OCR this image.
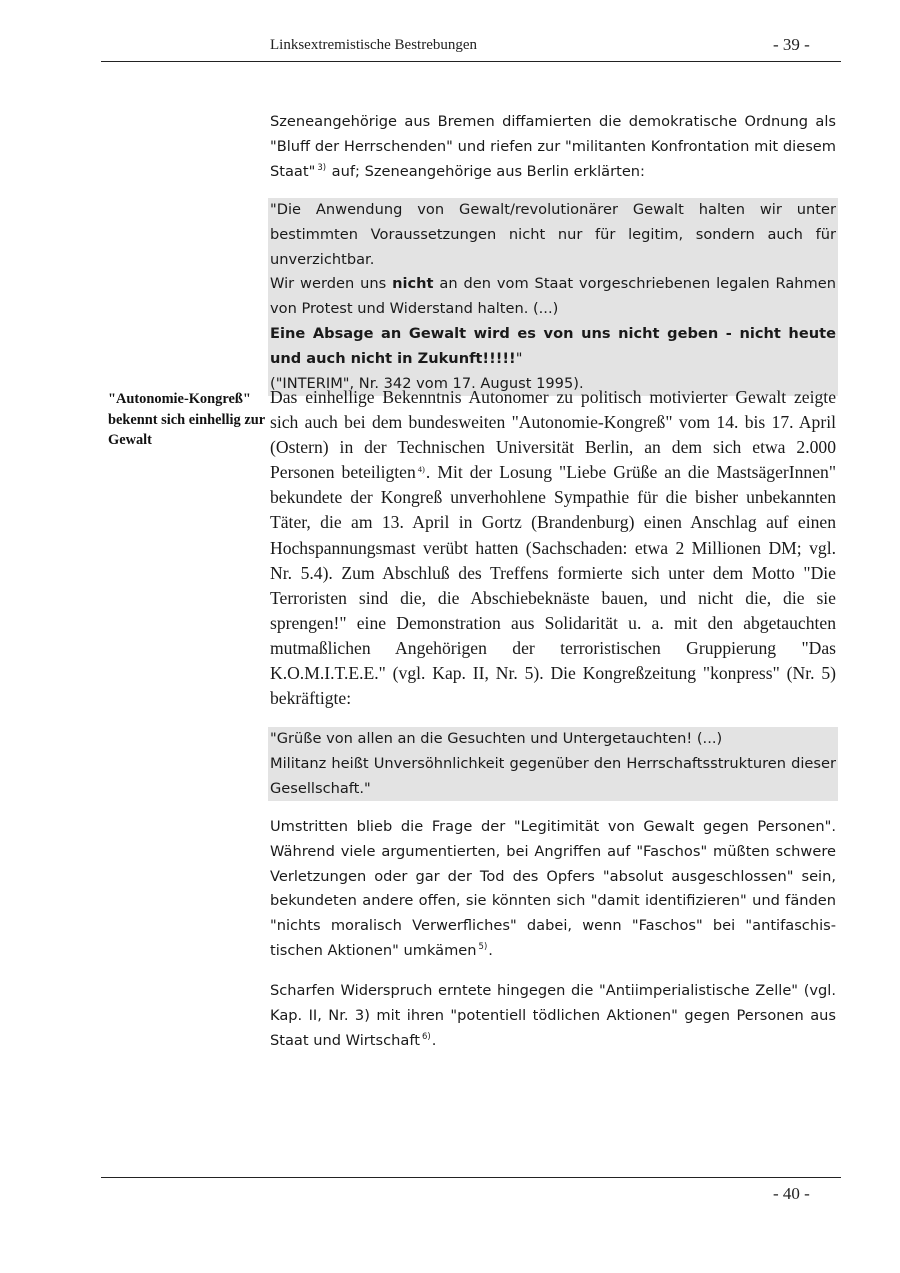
Linksextremistische Bestrebungen	- 39 -
Szeneangehörige aus Bremen diffamierten die demokratische Ordnung als "Bluff der Herrschenden" und riefen zur "militanten Konfrontation mit diesem Staat" $^{3)}$ auf; Szeneangehörige aus Berlin erklärten:
"Die Anwendung von Gewalt/revolutionärer Gewalt halten wir unter bestimmten Voraussetzungen nicht nur für legitim, sondern auch für unverzichtbar.
Wir werden uns nicht an den vom Staat vorgeschriebenen legalen Rahmen von Protest und Widerstand halten. (...)
Eine Absage an Gewalt wird es von uns nicht geben - nicht heute und auch nicht in Zukunft!!!!!"
("INTERIM", Nr. 342 vom 17. August 1995).
"Autonomie-Kongreß" bekennt sich einhellig zur Gewalt
Das einhellige Bekenntnis Autonomer zu politisch motivierter Gewalt zeigte sich auch bei dem bundesweiten "Autonomie-Kongreß" vom 14. bis 17. April (Ostern) in der Technischen Universität Berlin, an dem sich etwa 2.000 Personen beteiligten $^{4)}$. Mit der Losung "Liebe Grüße an die MastsägerInnen" bekundete der Kongreß unverhohlene Sympathie für die bisher unbekannten Täter, die am 13. April in Gortz (Brandenburg) einen Anschlag auf einen Hochspannungsmast verübt hatten (Sachschaden: etwa 2 Millionen DM; vgl. Nr. 5.4). Zum Abschluß des Treffens formierte sich unter dem Motto "Die Terroristen sind die, die Abschiebeknäste bauen, und nicht die, die sie sprengen!" eine Demonstration aus Solidarität u. a. mit den abgetauchten mutmaßlichen Angehörigen der terroristischen Gruppierung "Das K.O.M.I.T.E.E." (vgl. Kap. II, Nr. 5). Die Kongreßzeitung "konpress" (Nr. 5) bekräftigte:
"Grüße von allen an die Gesuchten und Untergetauchten! (...)
Militanz heißt Unversöhnlichkeit gegenüber den Herrschaftsstrukturen dieser Gesellschaft."
Umstritten blieb die Frage der "Legitimität von Gewalt gegen Personen". Während viele argumentierten, bei Angriffen auf "Faschos" müßten schwere Verletzungen oder gar der Tod des Opfers "absolut ausgeschlossen" sein, bekundeten andere offen, sie könnten sich "damit identifizieren" und fänden "nichts moralisch Verwerfliches" dabei, wenn "Faschos" bei "antifaschis-tischen Aktionen" umkämen $^{5)}$.
Scharfen Widerspruch erntete hingegen die "Antiimperialistische Zelle" (vgl. Kap. II, Nr. 3) mit ihren "potentiell tödlichen Aktionen" gegen Personen aus Staat und Wirtschaft $^{6)}$.
- 40 -
